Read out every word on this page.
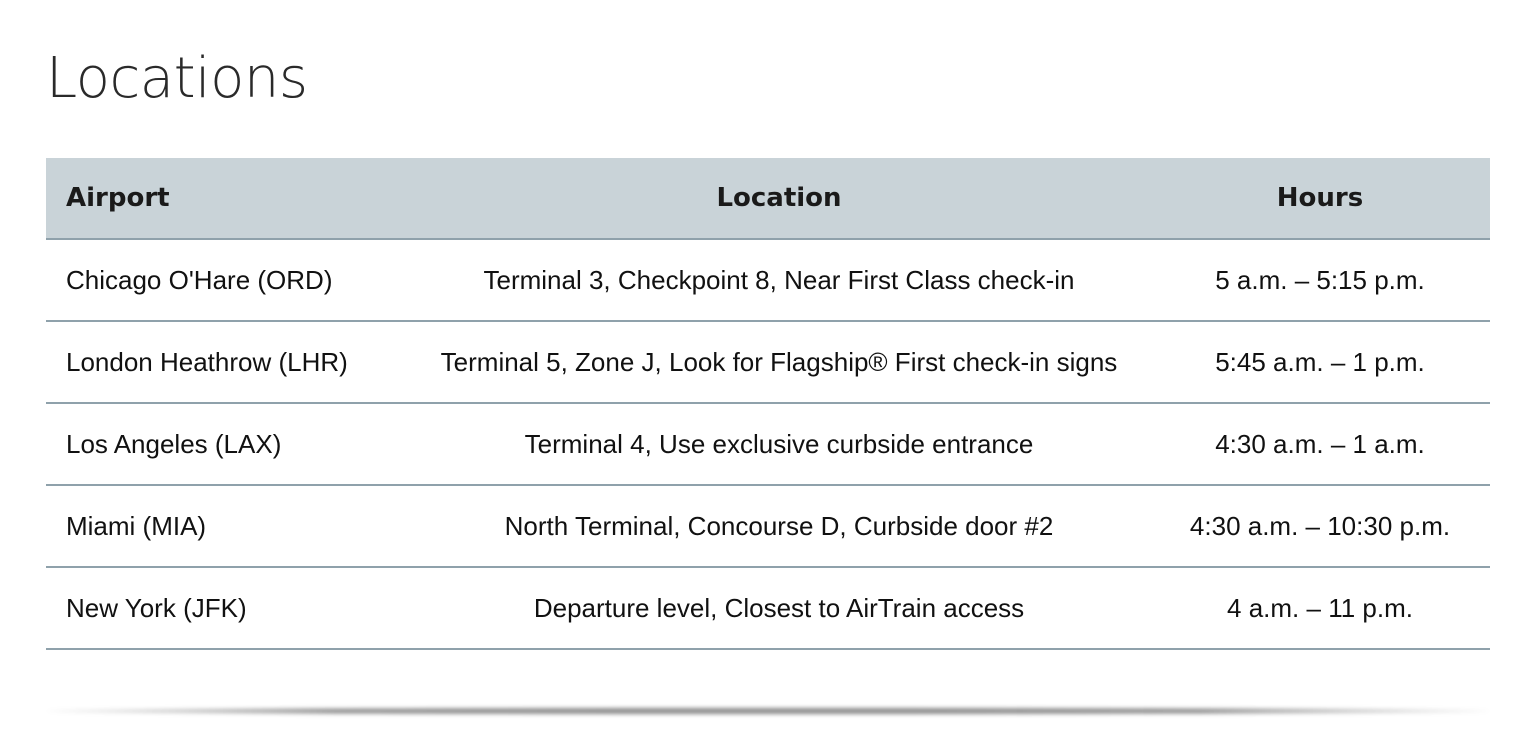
Locations
Airport	Location	Hours
Chicago O'Hare (ORD)	Terminal 3, Checkpoint 8, Near First Class check-in	5 a.m. – 5:15 p.m.
London Heathrow (LHR)	Terminal 5, Zone J, Look for Flagship® First check-in signs	5:45 a.m. – 1 p.m.
Los Angeles (LAX)	Terminal 4, Use exclusive curbside entrance	4:30 a.m. – 1 a.m.
Miami (MIA)	North Terminal, Concourse D, Curbside door #2	4:30 a.m. – 10:30 p.m.
New York (JFK)	Departure level, Closest to AirTrain access	4 a.m. – 11 p.m.
